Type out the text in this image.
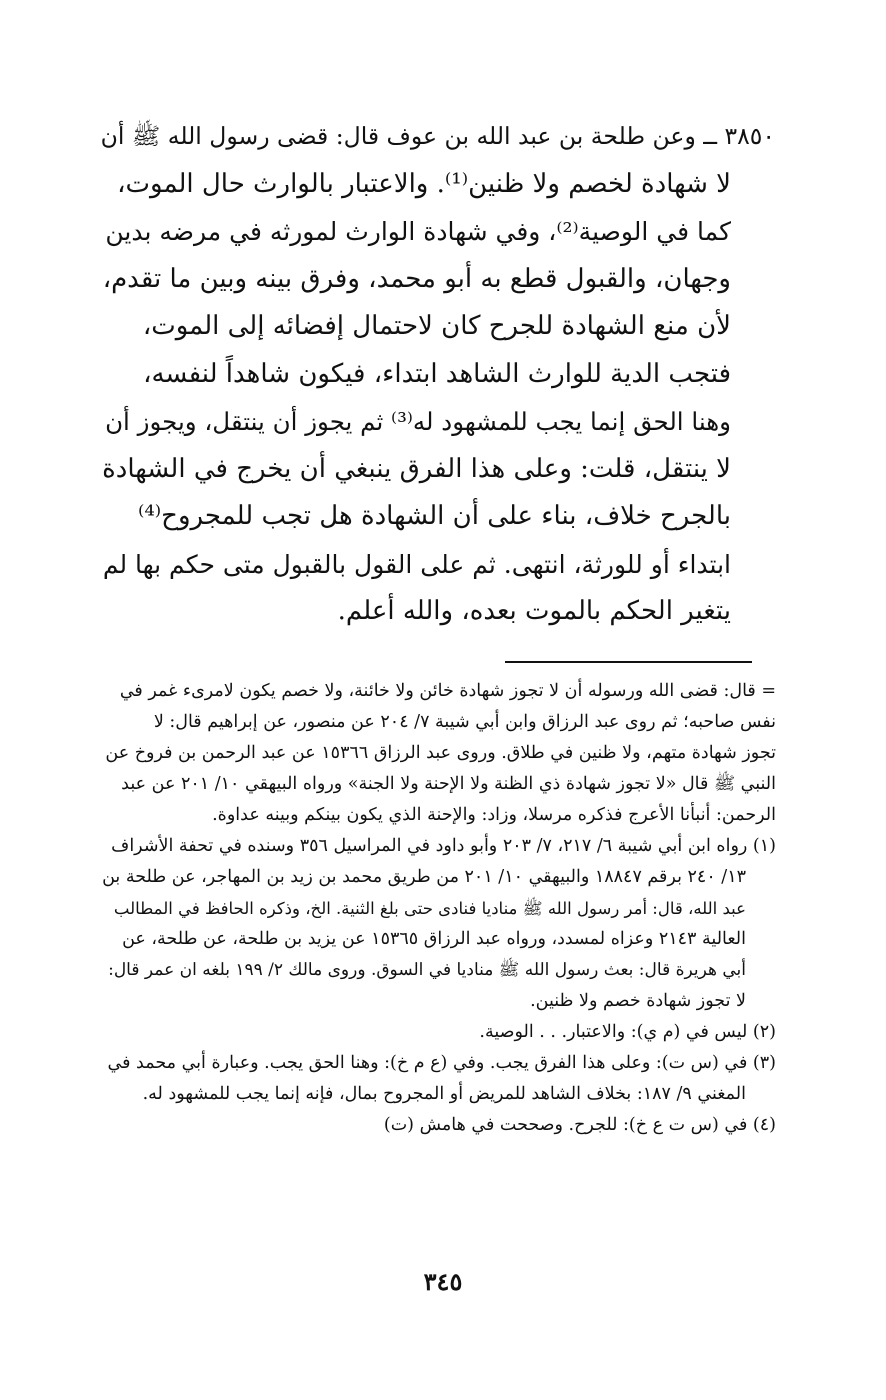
٣٨٥٠ ــ وعن طلحة بن عبد الله بن عوف قال: قضى رسول الله ﷺ أن
لا شهادة لخصم ولا ظنين⁽¹⁾. والاعتبار بالوارث حال الموت،
كما في الوصية⁽²⁾، وفي شهادة الوارث لمورثه في مرضه بدين
وجهان، والقبول قطع به أبو محمد، وفرق بينه وبين ما تقدم،
لأن منع الشهادة للجرح كان لاحتمال إفضائه إلى الموت،
فتجب الدية للوارث الشاهد ابتداء، فيكون شاهداً لنفسه،
وهنا الحق إنما يجب للمشهود له⁽³⁾ ثم يجوز أن ينتقل، ويجوز أن
لا ينتقل، قلت: وعلى هذا الفرق ينبغي أن يخرج في الشهادة
بالجرح خلاف، بناء على أن الشهادة هل تجب للمجروح⁽⁴⁾
ابتداء أو للورثة، انتهى. ثم على القول بالقبول متى حكم بها لم
يتغير الحكم بالموت بعده، والله أعلم.
= قال: قضى الله ورسوله أن لا تجوز شهادة خائن ولا خائنة، ولا خصم يكون لامرىء غمر في
نفس صاحبه؛ ثم روى عبد الرزاق وابن أبي شيبة ٧/ ٢٠٤ عن منصور، عن إبراهيم قال: لا
تجوز شهادة متهم، ولا ظنين في طلاق. وروى عبد الرزاق ١٥٣٦٦ عن عبد الرحمن بن فروخ عن
النبي ﷺ قال «لا تجوز شهادة ذي الظنة ولا الإحنة ولا الجنة» ورواه البيهقي ١٠/ ٢٠١ عن عبد
الرحمن: أنبأنا الأعرج فذكره مرسلا، وزاد: والإحنة الذي يكون بينكم وبينه عداوة.
(١) رواه ابن أبي شيبة ٦/ ٢١٧، ٧/ ٢٠٣ وأبو داود في المراسيل ٣٥٦ وسنده في تحفة الأشراف
١٣/ ٢٤٠ برقم ١٨٨٤٧ والبيهقي ١٠/ ٢٠١ من طريق محمد بن زيد بن المهاجر، عن طلحة بن
عبد الله، قال: أمر رسول الله ﷺ مناديا فنادى حتى بلغ الثنية. الخ، وذكره الحافظ في المطالب
العالية ٢١٤٣ وعزاه لمسدد، ورواه عبد الرزاق ١٥٣٦٥ عن يزيد بن طلحة، عن طلحة، عن
أبي هريرة قال: بعث رسول الله ﷺ مناديا في السوق. وروى مالك ٢/ ١٩٩ بلغه ان عمر قال:
لا تجوز شهادة خصم ولا ظنين.
(٢) ليس في (م ي): والاعتبار. . . الوصية.
(٣) في (س ت): وعلى هذا الفرق يجب. وفي (ع م خ): وهنا الحق يجب. وعبارة أبي محمد في
المغني ٩/ ١٨٧: بخلاف الشاهد للمريض أو المجروح بمال، فإنه إنما يجب للمشهود له.
(٤) في (س ت ع خ): للجرح. وصححت في هامش (ت)
٣٤٥
